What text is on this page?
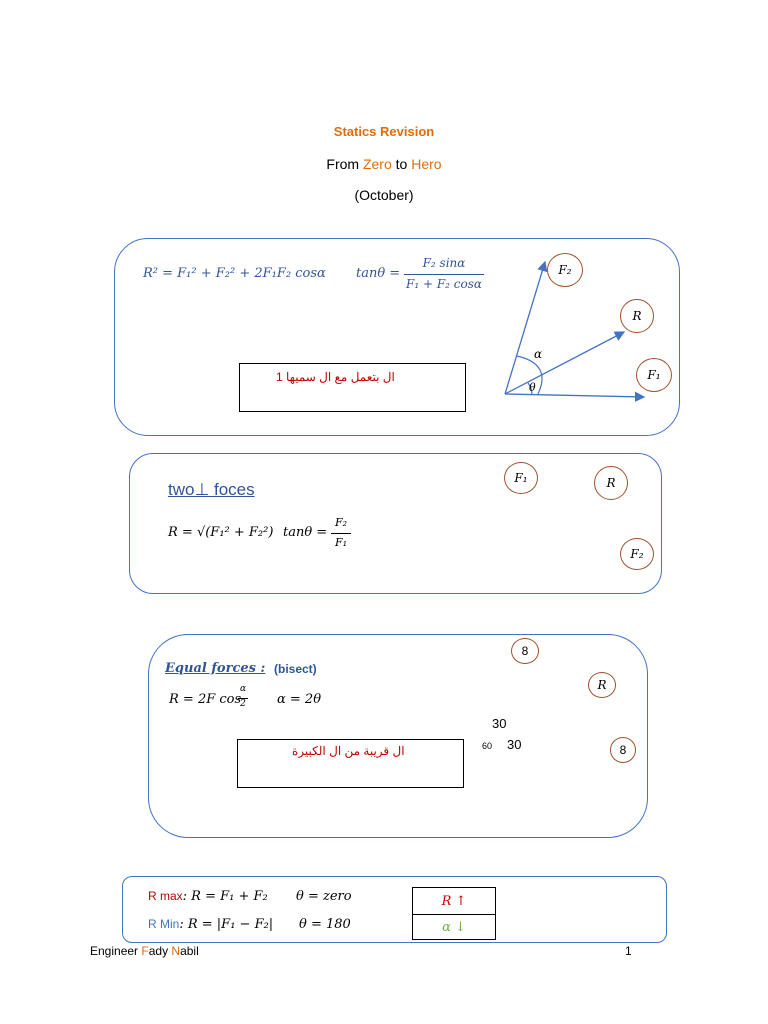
Statics Revision
From Zero to Hero
(October)
R² = F₁² + F₂² + 2F₁F₂ cosα tanθ =
F₂ sinα
F₁ + F₂ cosα
ال بتعمل مع ال سميها 1
F₂
R
F₁
α
θ
two⊥ foces
R = √(F₁² + F₂²) tanθ =
F₂
F₁
F₁	R
F₂
Equal forces : (bisect)
R = 2F cos
α
2 α = 2θ
ال قريبة من ال الكبيرة
8
R
8
30
60 30
R max: R = F₁ + F₂ θ = zero
R Min: R = |F₁ − F₂| θ = 180
R ↑
α ↓
Engineer Fady Nabil	1
